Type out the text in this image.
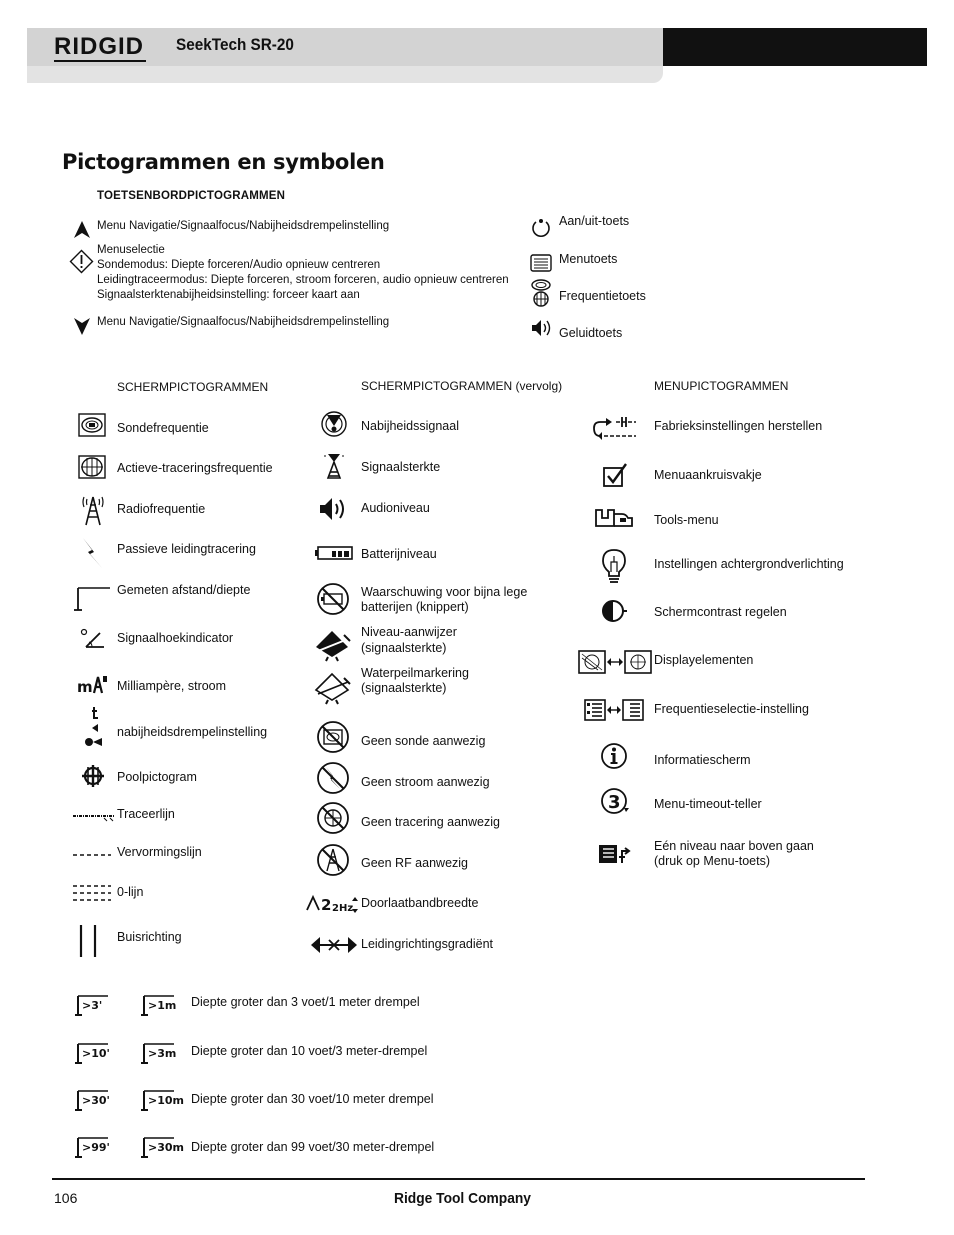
RIDGID SeekTech SR-20
Pictogrammen en symbolen
TOETSENBORDPICTOGRAMMEN
Menu Navigatie/Signaalfocus/Nabijheidsdrempelinstelling
Menuselectie
Sondemodus: Diepte forceren/Audio opnieuw centreren
Leidingtraceermodus: Diepte forceren, stroom forceren, audio opnieuw centreren
Signaalsterktenabijheidsinstelling: forceer kaart aan
Menu Navigatie/Signaalfocus/Nabijheidsdrempelinstelling
Aan/uit-toets
Menutoets
Frequentietoets
Geluidtoets
SCHERMPICTOGRAMMEN
Sondefrequentie
Actieve-traceringsfrequentie
Radiofrequentie
Passieve leidingtracering
Gemeten afstand/diepte
Signaalhoekindicator
m Milliampère, stroom
nabijheidsdrempelinstelling
Poolpictogram
Traceerlijn
Vervormingslijn
0-lijn
Buisrichting
SCHERMPICTOGRAMMEN (vervolg)
Nabijheidssignaal
Signaalsterkte
Audioniveau
Batterijniveau
Waarschuwing voor bijna lege
batterijen (knippert)
Niveau-aanwijzer
(signaalsterkte)
Waterpeilmarkering
(signaalsterkte)
Geen sonde aanwezig
Geen stroom aanwezig
Geen tracering aanwezig
Geen RF aanwezig
2 2Hz Doorlaatbandbreedte
Leidingrichtingsgradiënt
MENUPICTOGRAMMEN
Fabrieksinstellingen herstellen
Menuaankruisvakje
Tools-menu
Instellingen achtergrondverlichting
Schermcontrast regelen
Displayelementen
Frequentieselectie-instelling
Informatiescherm
3	Menu-timeout-teller
Eén niveau naar boven gaan
(druk op Menu-toets)
>3'	>1m Diepte groter dan 3 voet/1 meter drempel
>10'	>3m Diepte groter dan 10 voet/3 meter-drempel
>30'	>10m Diepte groter dan 30 voet/10 meter drempel
>99'	>30m Diepte groter dan 99 voet/30 meter-drempel
106	Ridge Tool Company
